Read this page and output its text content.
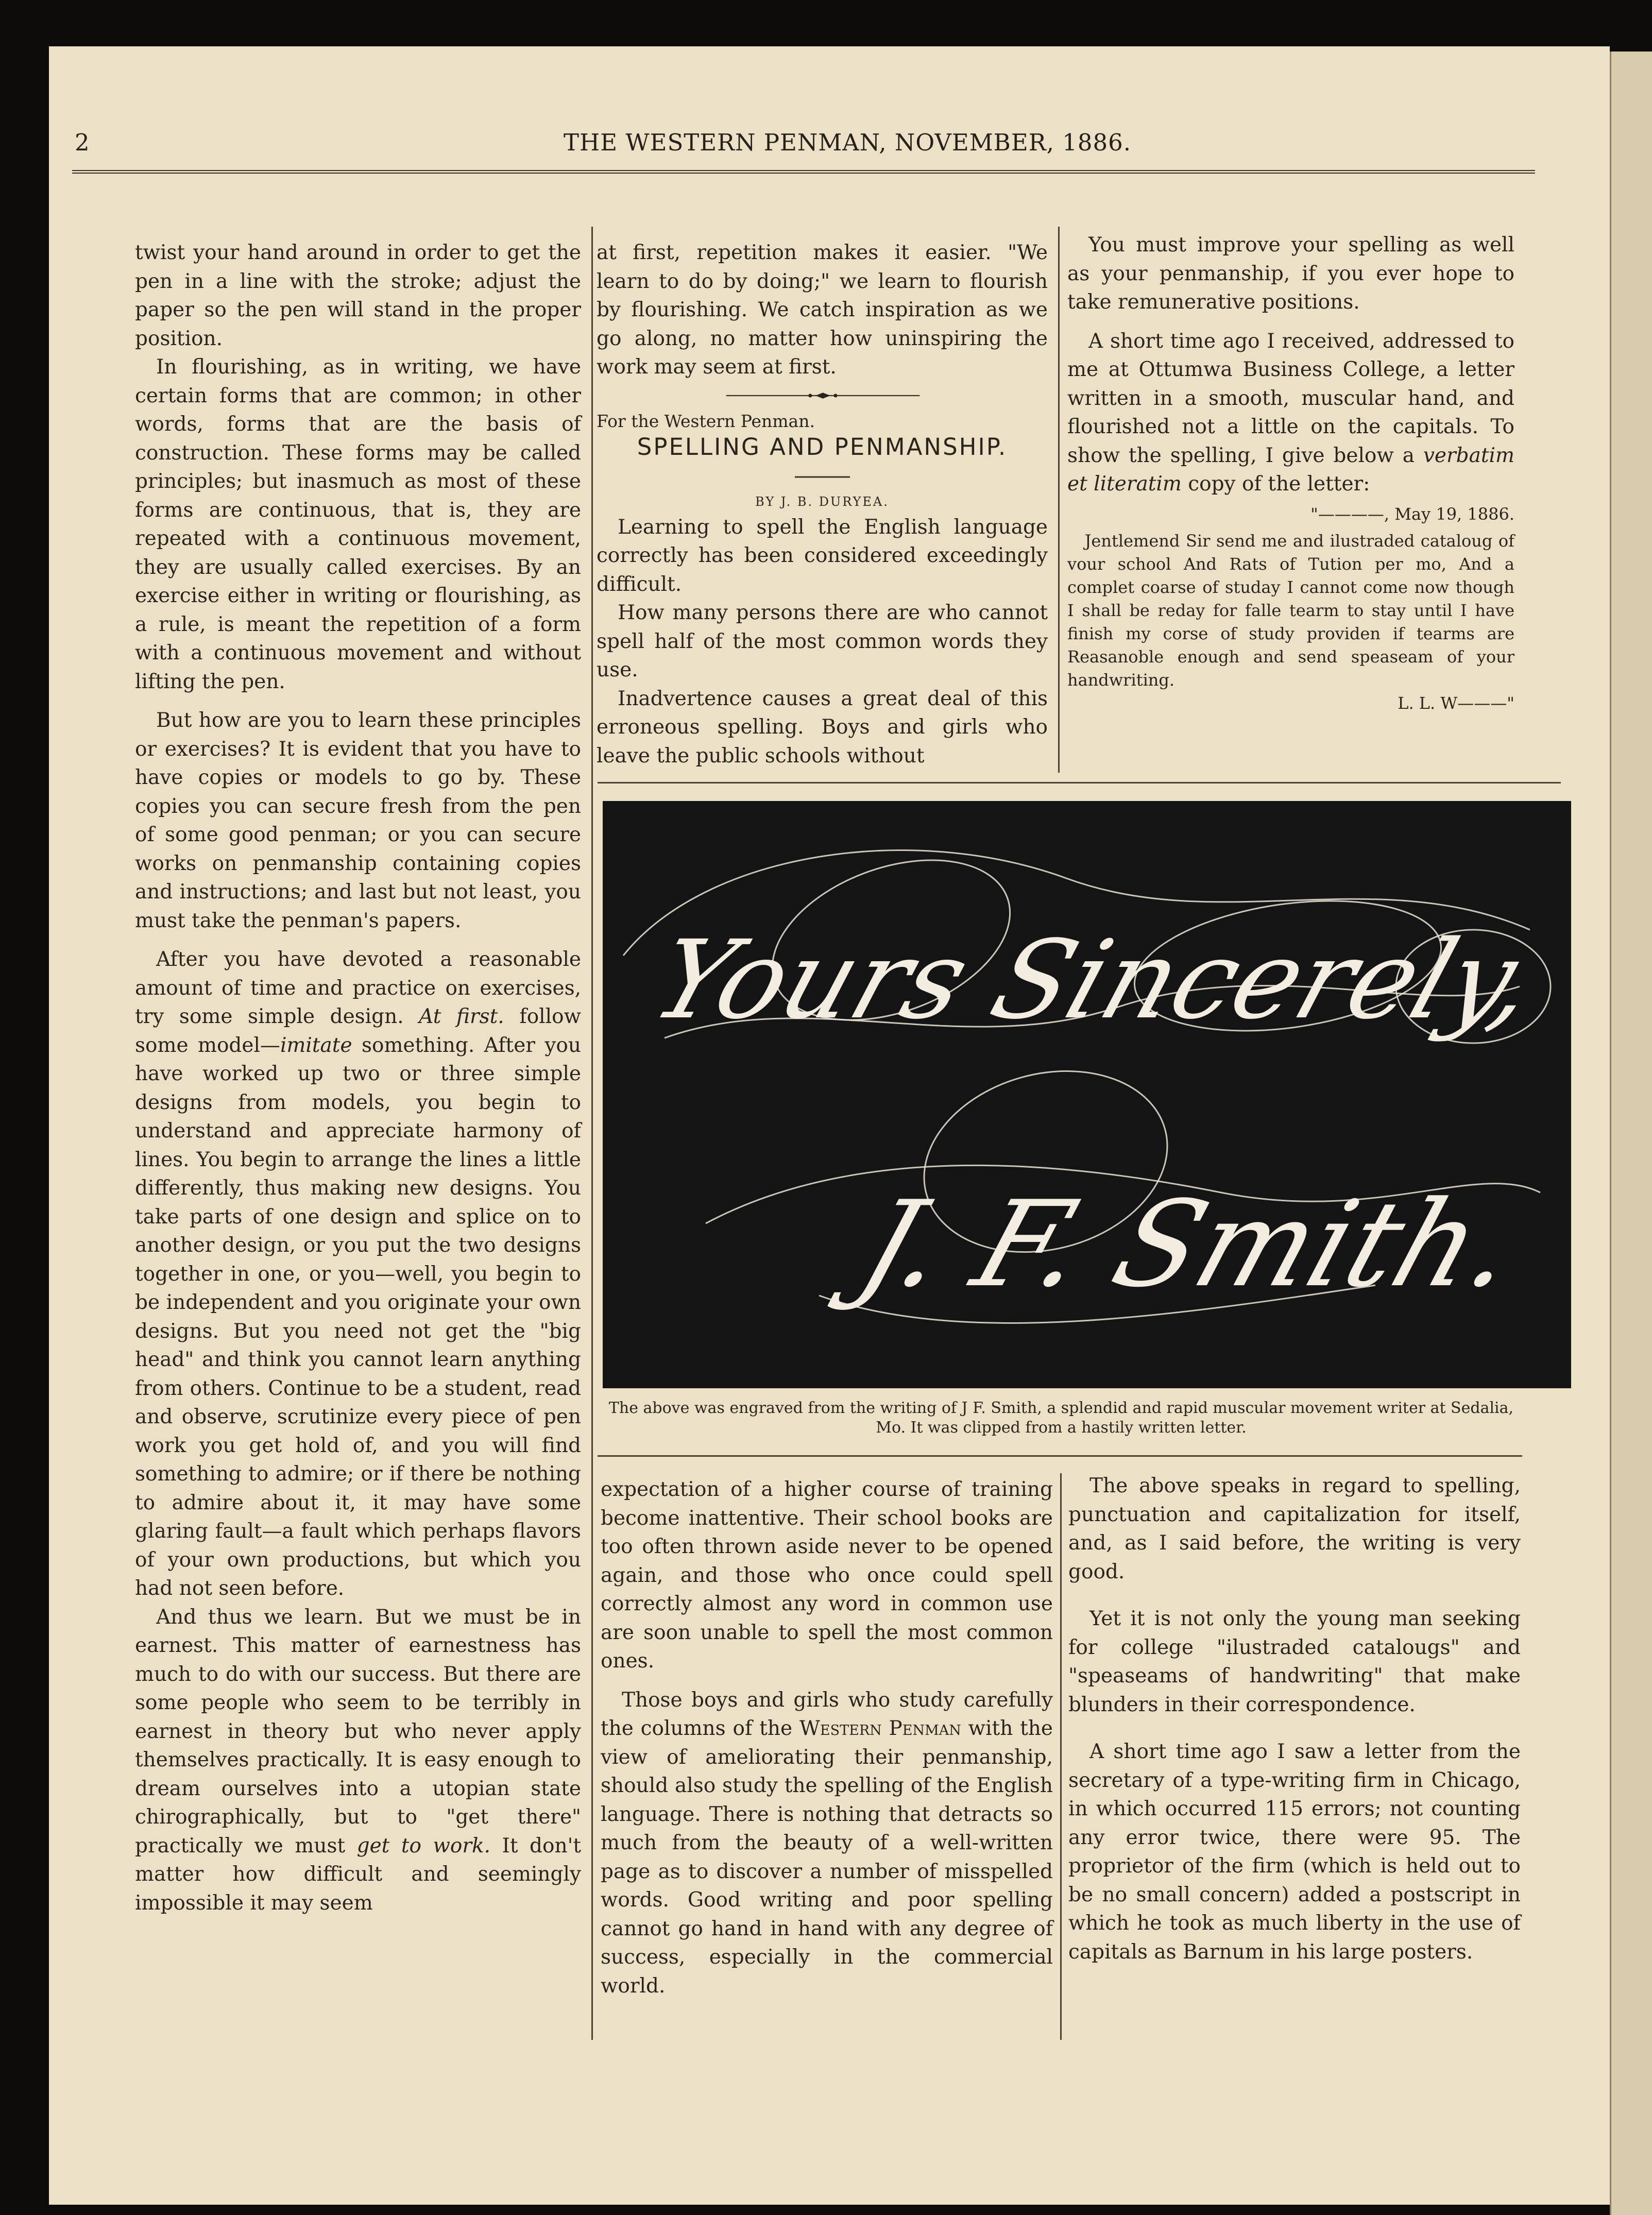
2	THE WESTERN PENMAN, NOVEMBER, 1886.

twist your hand around in order to get the pen in a line with the stroke; adjust the paper so the pen will stand in the proper position.

In flourishing, as in writing, we have certain forms that are common; in other words, forms that are the basis of construction. These forms may be called principles; but inasmuch as most of these forms are continuous, that is, they are repeated with a continuous movement, they are usually called exercises. By an exercise either in writing or flourishing, as a rule, is meant the repetition of a form with a continuous movement and without lifting the pen.

But how are you to learn these principles or exercises? It is evident that you have to have copies or models to go by. These copies you can secure fresh from the pen of some good penman; or you can secure works on penmanship containing copies and instructions; and last but not least, you must take the penman's papers.

After you have devoted a reasonable amount of time and practice on exercises, try some simple design. At first. follow some model—imitate something. After you have worked up two or three simple designs from models, you begin to understand and appreciate harmony of lines. You begin to arrange the lines a little differently, thus making new designs. You take parts of one design and splice on to another design, or you put the two designs together in one, or you—well, you begin to be independent and you originate your own designs. But you need not get the "big head" and think you cannot learn anything from others. Continue to be a student, read and observe, scrutinize every piece of pen work you get hold of, and you will find something to admire; or if there be nothing to admire about it, it may have some glaring fault—a fault which perhaps flavors of your own productions, but which you had not seen before.

And thus we learn. But we must be in earnest. This matter of earnestness has much to do with our success. But there are some people who seem to be terribly in earnest in theory but who never apply themselves practically. It is easy enough to dream ourselves into a utopian state chirographically, but to "get there" practically we must get to work. It don't matter how difficult and seemingly impossible it may seem

at first, repetition makes it easier. "We learn to do by doing;" we learn to flourish by flourishing. We catch inspiration as we go along, no matter how uninspiring the work may seem at first.

For the Western Penman.

SPELLING AND PENMANSHIP.

BY J. B. DURYEA.

Learning to spell the English language correctly has been considered exceedingly difficult.

How many persons there are who cannot spell half of the most common words they use.

Inadvertence causes a great deal of this erroneous spelling. Boys and girls who leave the public schools without

You must improve your spelling as well as your penmanship, if you ever hope to take remunerative positions.

A short time ago I received, addressed to me at Ottumwa Business College, a letter written in a smooth, muscular hand, and flourished not a little on the capitals. To show the spelling, I give below a verbatim et literatim copy of the letter:

"————, May 19, 1886.

Jentlemend Sir send me and ilustraded cataloug of vour school And Rats of Tution per mo, And a complet coarse of studay I cannot come now though I shall be reday for falle tearm to stay until I have finish my corse of study providen if tearms are Reasanoble enough and send speaseam of your handwriting.

L. L. W———"

Yours Sincerely,
J. F. Smith.
The above was engraved from the writing of J F. Smith, a splendid and rapid muscular movement writer at Sedalia, Mo. It was clipped from a hastily written letter.

expectation of a higher course of training become inattentive. Their school books are too often thrown aside never to be opened again, and those who once could spell correctly almost any word in common use are soon unable to spell the most common ones.

Those boys and girls who study carefully the columns of the Western Penman with the view of ameliorating their penmanship, should also study the spelling of the English language. There is nothing that detracts so much from the beauty of a well-written page as to discover a number of misspelled words. Good writing and poor spelling cannot go hand in hand with any degree of success, especially in the commercial world.

The above speaks in regard to spelling, punctuation and capitalization for itself, and, as I said before, the writing is very good.

Yet it is not only the young man seeking for college "ilustraded catalougs" and "speaseams of handwriting" that make blunders in their correspondence.

A short time ago I saw a letter from the secretary of a type-writing firm in Chicago, in which occurred 115 errors; not counting any error twice, there were 95. The proprietor of the firm (which is held out to be no small concern) added a postscript in which he took as much liberty in the use of capitals as Barnum in his large posters.
